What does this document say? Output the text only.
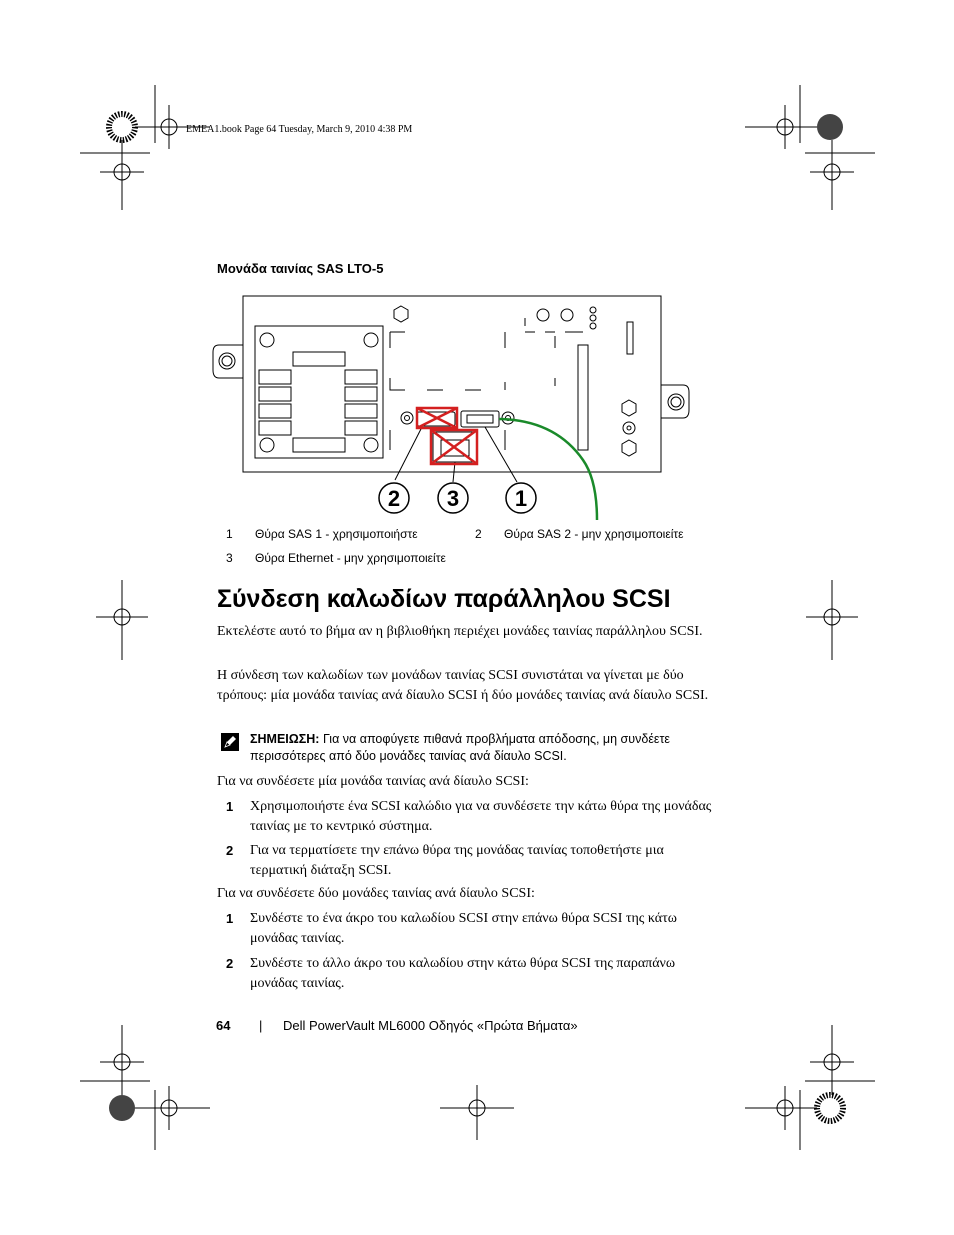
EMEA1.book Page 64 Tuesday, March 9, 2010 4:38 PM
Μονάδα ταινίας SAS LTO-5
2 3	1
1 Θύρα SAS 1 - χρησιμοποιήστε	2 Θύρα SAS 2 - μην χρησιμοποιείτε
3 Θύρα Ethernet - μην χρησιμοποιείτε
Σύνδεση καλωδίων παράλληλου SCSI

Εκτελέστε αυτό το βήμα αν η βιβλιοθήκη περιέχει μονάδες ταινίας παράλληλου SCSI.

Η σύνδεση των καλωδίων των μονάδων ταινίας SCSI συνιστάται να γίνεται με δύο τρόπους: μία μονάδα ταινίας ανά δίαυλο SCSI ή δύο μονάδες ταινίας ανά δίαυλο SCSI.

ΣΗΜΕΙΩΣΗ: Για να αποφύγετε πιθανά προβλήματα απόδοσης, μη συνδέετε περισσότερες από δύο μονάδες ταινίας ανά δίαυλο SCSI.

Για να συνδέσετε μία μονάδα ταινίας ανά δίαυλο SCSI:

1 Χρησιμοποιήστε ένα SCSI καλώδιο για να συνδέσετε την κάτω θύρα της μονάδας ταινίας με το κεντρικό σύστημα.
2 Για να τερματίσετε την επάνω θύρα της μονάδας ταινίας τοποθετήστε μια τερματική διάταξη SCSI.

Για να συνδέσετε δύο μονάδες ταινίας ανά δίαυλο SCSI:

1 Συνδέστε το ένα άκρο του καλωδίου SCSI στην επάνω θύρα SCSI της κάτω μονάδας ταινίας.
2 Συνδέστε το άλλο άκρο του καλωδίου στην κάτω θύρα SCSI της παραπάνω μονάδας ταινίας.
64 | Dell PowerVault ML6000 Οδηγός «Πρώτα Βήματα»
